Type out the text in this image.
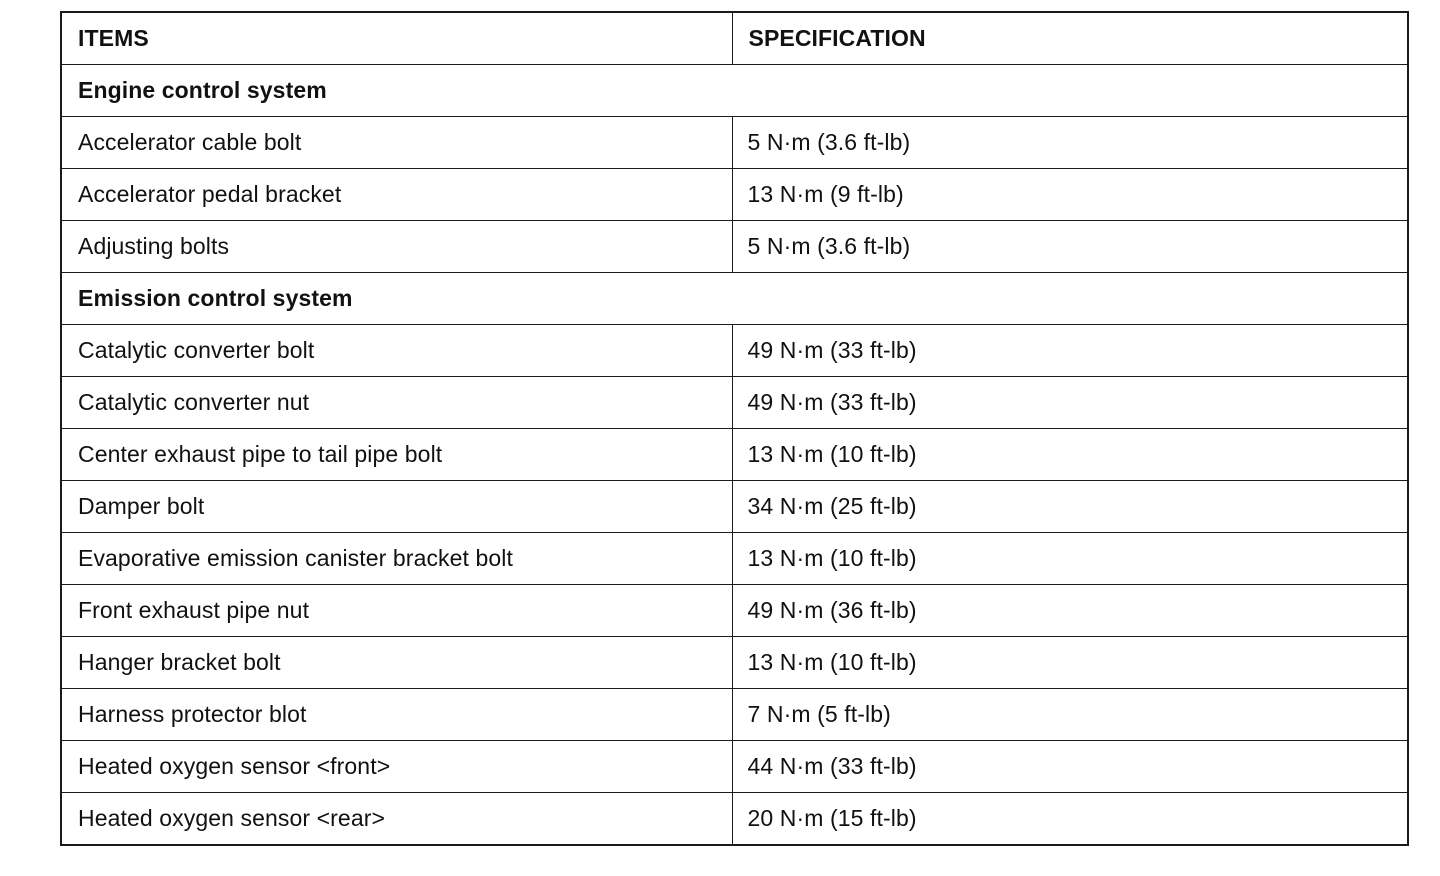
ITEMS	SPECIFICATION
Engine control system	
Accelerator cable bolt	5 N·m (3.6 ft-lb)
Accelerator pedal bracket	13 N·m (9 ft-lb)
Adjusting bolts	5 N·m (3.6 ft-lb)
Emission control system	
Catalytic converter bolt	49 N·m (33 ft-lb)
Catalytic converter nut	49 N·m (33 ft-lb)
Center exhaust pipe to tail pipe bolt	13 N·m (10 ft-lb)
Damper bolt	34 N·m (25 ft-lb)
Evaporative emission canister bracket bolt	13 N·m (10 ft-lb)
Front exhaust pipe nut	49 N·m (36 ft-lb)
Hanger bracket bolt	13 N·m (10 ft-lb)
Harness protector blot	7 N·m (5 ft-lb)
Heated oxygen sensor <front>	44 N·m (33 ft-lb)
Heated oxygen sensor <rear>	20 N·m (15 ft-lb)
